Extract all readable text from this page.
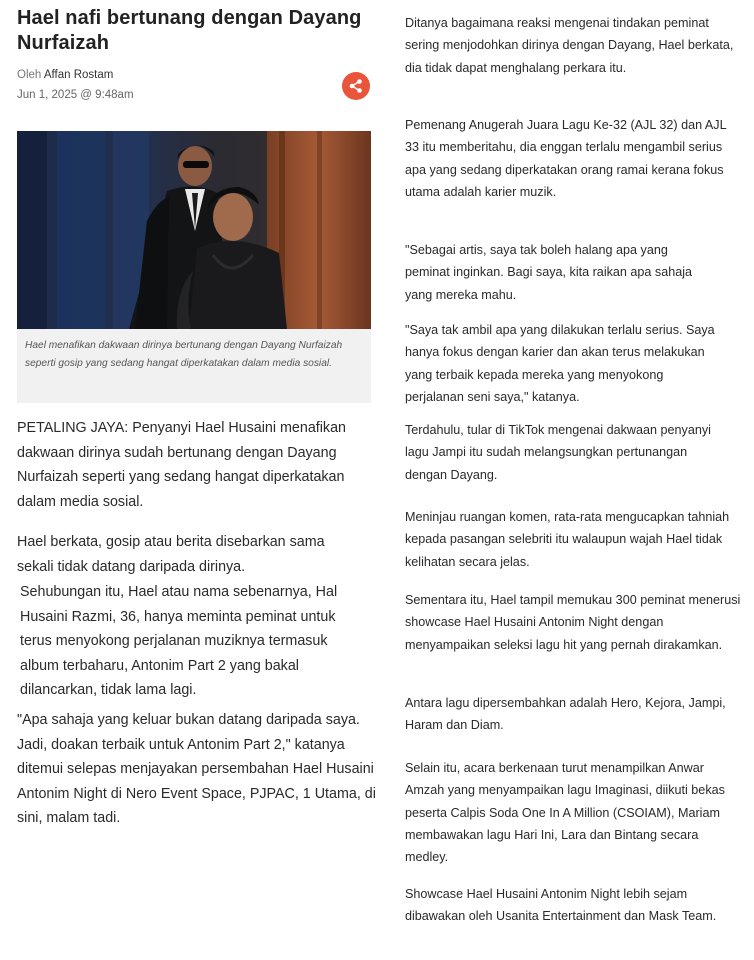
Hael nafi bertunang dengan Dayang Nurfaizah
Oleh Affan Rostam
Jun 1, 2025 @ 9:48am
Hael menafikan dakwaan dirinya bertunang dengan Dayang Nurfaizah seperti gosip yang sedang hangat diperkatakan dalam media sosial.

PETALING JAYA: Penyanyi Hael Husaini menafikan dakwaan dirinya sudah bertunang dengan Dayang Nurfaizah seperti yang sedang hangat diperkatakan dalam media sosial.

Hael berkata, gosip atau berita disebarkan sama sekali tidak datang daripada dirinya.

Sehubungan itu, Hael atau nama sebenarnya, Hal Husaini Razmi, 36, hanya meminta peminat untuk terus menyokong perjalanan muziknya termasuk album terbaharu, Antonim Part 2 yang bakal dilancarkan, tidak lama lagi.

"Apa sahaja yang keluar bukan datang daripada saya. Jadi, doakan terbaik untuk Antonim Part 2," katanya ditemui selepas menjayakan persembahan Hael Husaini Antonim Night di Nero Event Space, PJPAC, 1 Utama, di sini, malam tadi.

Ditanya bagaimana reaksi mengenai tindakan peminat sering menjodohkan dirinya dengan Dayang, Hael berkata, dia tidak dapat menghalang perkara itu.

Pemenang Anugerah Juara Lagu Ke-32 (AJL 32) dan AJL 33 itu memberitahu, dia enggan terlalu mengambil serius apa yang sedang diperkatakan orang ramai kerana fokus utama adalah karier muzik.

"Sebagai artis, saya tak boleh halang apa yang peminat inginkan. Bagi saya, kita raikan apa sahaja yang mereka mahu.

"Saya tak ambil apa yang dilakukan terlalu serius. Saya hanya fokus dengan karier dan akan terus melakukan yang terbaik kepada mereka yang menyokong perjalanan seni saya," katanya.

Terdahulu, tular di TikTok mengenai dakwaan penyanyi lagu Jampi itu sudah melangsungkan pertunangan dengan Dayang.

Meninjau ruangan komen, rata-rata mengucapkan tahniah kepada pasangan selebriti itu walaupun wajah Hael tidak kelihatan secara jelas.

Sementara itu, Hael tampil memukau 300 peminat menerusi showcase Hael Husaini Antonim Night dengan menyampaikan seleksi lagu hit yang pernah dirakamkan.

Antara lagu dipersembahkan adalah Hero, Kejora, Jampi, Haram dan Diam.

Selain itu, acara berkenaan turut menampilkan Anwar Amzah yang menyampaikan lagu Imaginasi, diikuti bekas peserta Calpis Soda One In A Million (CSOIAM), Mariam membawakan lagu Hari Ini, Lara dan Bintang secara medley.

Showcase Hael Husaini Antonim Night lebih sejam dibawakan oleh Usanita Entertainment dan Mask Team.
